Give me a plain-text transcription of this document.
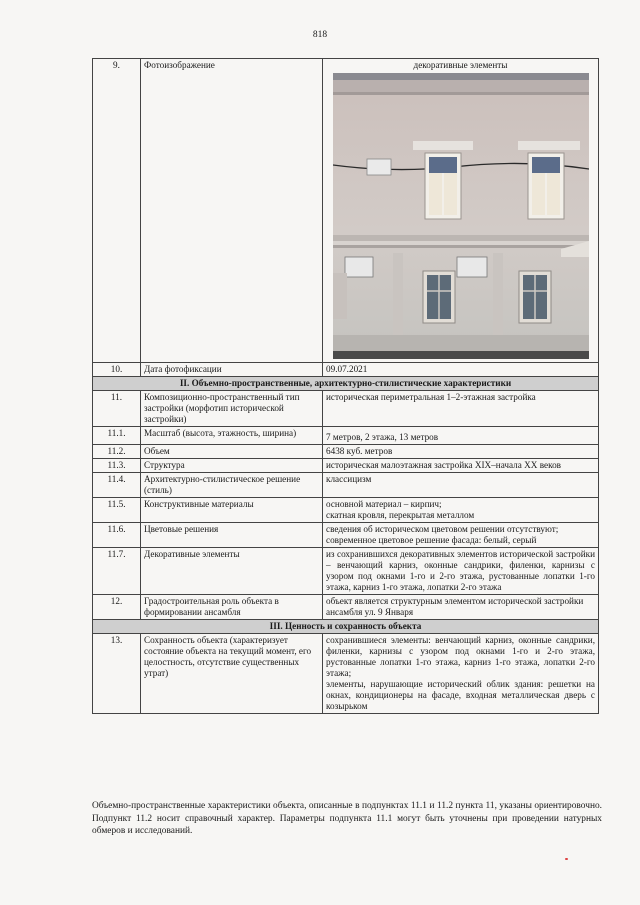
818
9.	Фотоизображение	декоративные элементы

10.	Дата фотофиксации	09.07.2021
II. Объемно-пространственные, архитектурно-стилистические характеристики		
11.	Композиционно-пространственный тип застройки (морфотип исторической застройки)	историческая периметральная 1–2-этажная застройка
11.1.	Масштаб (высота, этажность, ширина)	7 метров, 2 этажа, 13 метров
11.2.	Объем	6438 куб. метров
11.3.	Структура	историческая малоэтажная застройка XIX–начала XX веков
11.4.	Архитектурно-стилистическое решение (стиль)	классицизм
11.5.	Конструктивные материалы	основной материал – кирпич;
скатная кровля, перекрытая металлом

11.6.	Цветовые решения	сведения об историческом цветовом решении отсутствуют;
современное цветовое решение фасада: белый, серый

11.7.	Декоративные элементы	из сохранившихся декоративных элементов исторической застройки – венчающий карниз, оконные сандрики, филенки, карнизы с узором под окнами 1-го и 2-го этажа, рустованные лопатки 1-го этажа, карниз 1-го этажа, лопатки 2-го этажа
12.	Градостроительная роль объекта в формировании ансамбля	объект является структурным элементом исторической застройки ансамбля ул. 9 Января
III. Ценность и сохранность объекта		
13.	Сохранность объекта (характеризует состояние объекта на текущий момент, его целостность, отсутствие существенных утрат)	сохранившиеся элементы: венчающий карниз, оконные сандрики, филенки, карнизы с узором под окнами 1-го и 2-го этажа, рустованные лопатки 1-го этажа, карниз 1-го этажа, лопатки 2-го этажа;
элементы, нарушающие исторический облик здания: решетки на окнах, кондиционеры на фасаде, входная металлическая дверь с козырьком
Объемно-пространственные характеристики объекта, описанные в подпунктах 11.1 и 11.2 пункта 11, указаны ориентировочно. Подпункт 11.2 носит справочный характер. Параметры подпункта 11.1 могут быть уточнены при проведении натурных обмеров и исследований.
